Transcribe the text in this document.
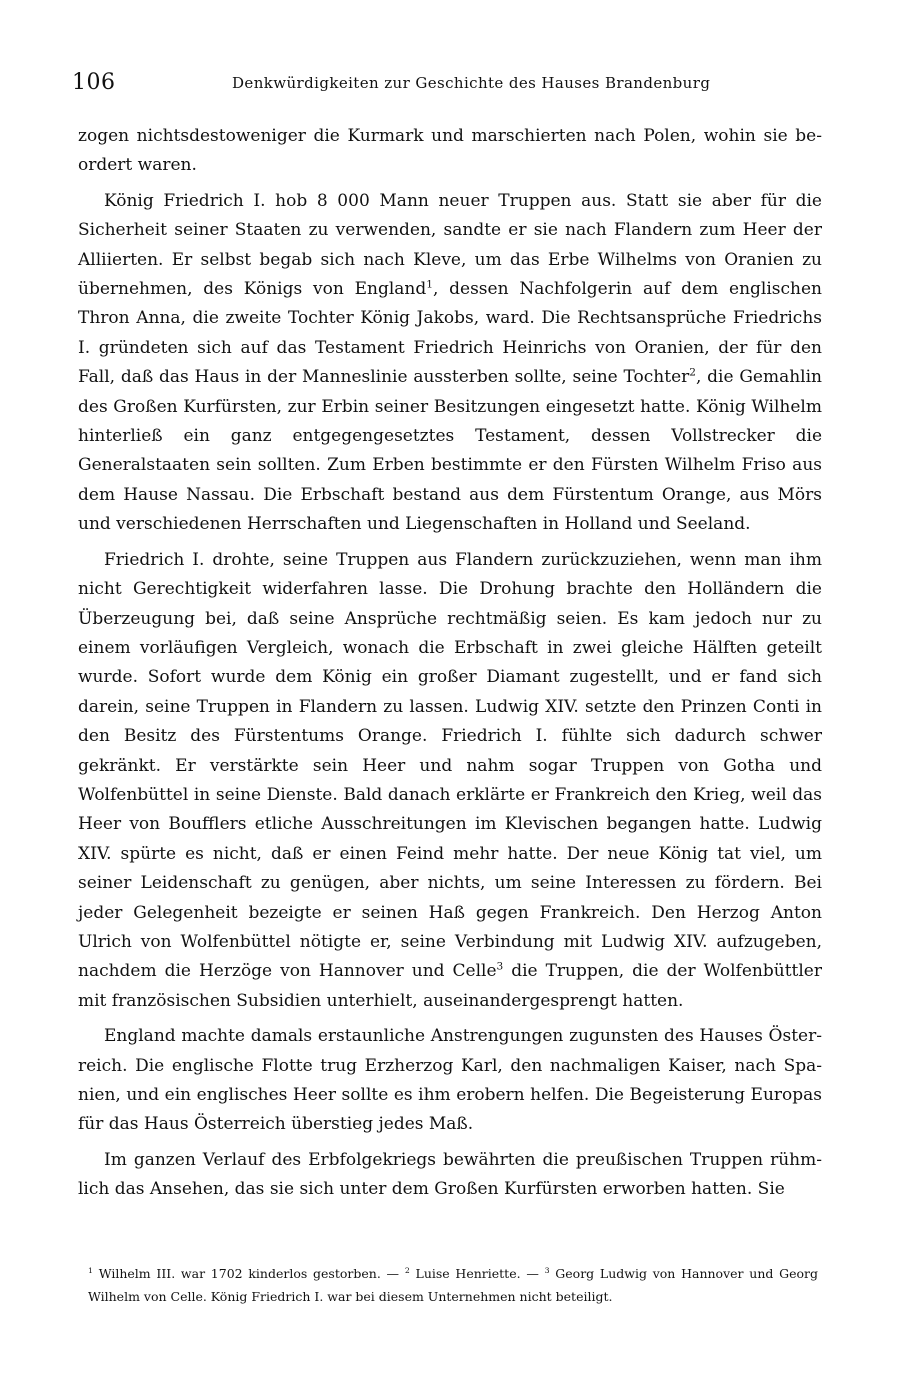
106	Denkwürdigkeiten zur Geschichte des Hauses Brandenburg

zogen nichtsdestoweniger die Kurmark und marschierten nach Polen, wohin sie beordert waren.

König Friedrich I. hob 8 000 Mann neuer Truppen aus. Statt sie aber für die Sicherheit seiner Staaten zu verwenden, sandte er sie nach Flandern zum Heer der Alliierten. Er selbst begab sich nach Kleve, um das Erbe Wilhelms von Oranien zu übernehmen, des Königs von England$^1$, dessen Nachfolgerin auf dem englischen Thron Anna, die zweite Tochter König Jakobs, ward. Die Rechtsansprüche Friedrichs I. gründeten sich auf das Testament Friedrich Heinrichs von Oranien, der für den Fall, daß das Haus in der Manneslinie aussterben sollte, seine Tochter$^2$, die Gemahlin des Großen Kurfürsten, zur Erbin seiner Besitzungen eingesetzt hatte. König Wilhelm hinterließ ein ganz entgegengesetztes Testament, dessen Vollstrecker die Generalstaaten sein sollten. Zum Erben bestimmte er den Fürsten Wilhelm Friso aus dem Hause Nassau. Die Erbschaft bestand aus dem Fürstentum Orange, aus Mörs und verschiedenen Herrschaften und Liegenschaften in Holland und Seeland.

Friedrich I. drohte, seine Truppen aus Flandern zurückzuziehen, wenn man ihm nicht Gerechtigkeit widerfahren lasse. Die Drohung brachte den Holländern die Überzeugung bei, daß seine Ansprüche rechtmäßig seien. Es kam jedoch nur zu einem vorläufigen Vergleich, wonach die Erbschaft in zwei gleiche Hälften geteilt wurde. Sofort wurde dem König ein großer Diamant zugestellt, und er fand sich darein, seine Truppen in Flandern zu lassen. Ludwig XIV. setzte den Prinzen Conti in den Besitz des Fürstentums Orange. Friedrich I. fühlte sich dadurch schwer gekränkt. Er verstärkte sein Heer und nahm sogar Truppen von Gotha und Wolfenbüttel in seine Dienste. Bald danach erklärte er Frankreich den Krieg, weil das Heer von Boufflers etliche Ausschreitungen im Klevischen begangen hatte. Ludwig XIV. spürte es nicht, daß er einen Feind mehr hatte. Der neue König tat viel, um seiner Leidenschaft zu genügen, aber nichts, um seine Interessen zu fördern. Bei jeder Gelegenheit bezeigte er seinen Haß gegen Frankreich. Den Herzog Anton Ulrich von Wolfenbüttel nötigte er, seine Verbindung mit Ludwig XIV. aufzugeben, nachdem die Herzöge von Hannover und Celle$^3$ die Truppen, die der Wolfenbüttler mit französischen Subsidien unterhielt, auseinandergesprengt hatten.

England machte damals erstaunliche Anstrengungen zugunsten des Hauses Österreich. Die englische Flotte trug Erzherzog Karl, den nachmaligen Kaiser, nach Spanien, und ein englisches Heer sollte es ihm erobern helfen. Die Begeisterung Europas für das Haus Österreich überstieg jedes Maß.

Im ganzen Verlauf des Erbfolgekriegs bewährten die preußischen Truppen rühmlich das Ansehen, das sie sich unter dem Großen Kurfürsten erworben hatten. Sie

$^1$ Wilhelm III. war 1702 kinderlos gestorben. — $^2$ Luise Henriette. — $^3$ Georg Ludwig von Hannover und Georg Wilhelm von Celle. König Friedrich I. war bei diesem Unternehmen nicht beteiligt.
